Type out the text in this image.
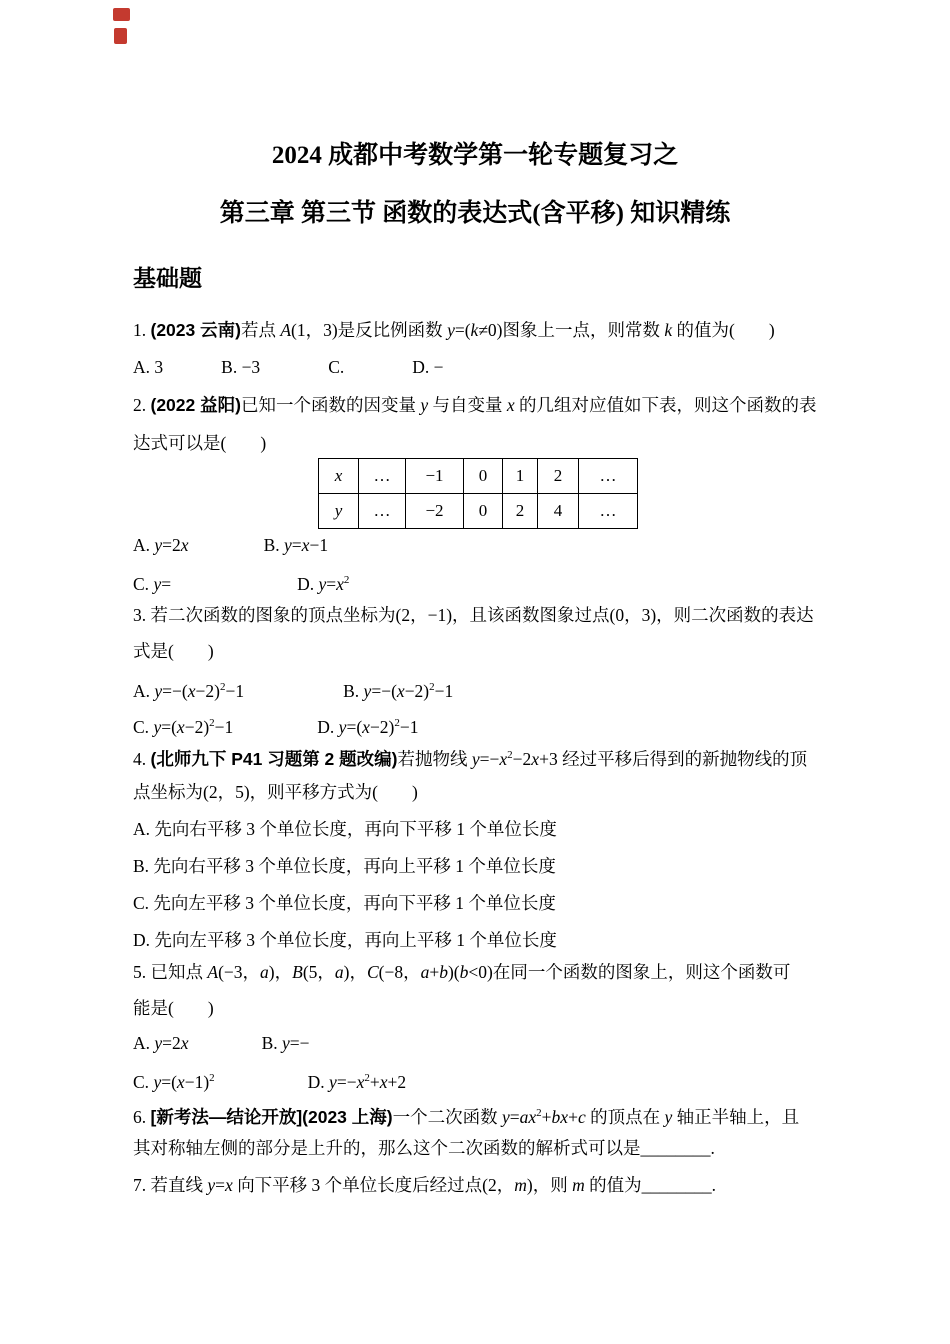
2024 成都中考数学第一轮专题复习之
第三章 第三节 函数的表达式(含平移) 知识精练
基础题
1. (2023 云南)若点 A(1，3)是反比例函数 y=(k≠0)图象上一点，则常数 k 的值为( )
A. 3	B. −3	C.	D. −
2. (2022 益阳)已知一个函数的因变量 y 与自变量 x 的几组对应值如下表，则这个函数的表
达式可以是( )
A. y=2x	B. y=x−1
C. y=	D. $y=x^2$
3. 若二次函数的图象的顶点坐标为(2，−1)，且该函数图象过点(0，3)，则二次函数的表达
式是( )
A. $y=-(x-2)^2-1$	B. $y=-(x-2)^2-1$
C. $y=(x-2)^2-1$	D. $y=(x-2)^2-1$
4. (北师九下 P41 习题第 2 题改编)若抛物线 $y=-x^2-2x+3$ 经过平移后得到的新抛物线的顶
点坐标为(2，5)，则平移方式为( )
A. 先向右平移 3 个单位长度，再向下平移 1 个单位长度
B. 先向右平移 3 个单位长度，再向上平移 1 个单位长度
C. 先向左平移 3 个单位长度，再向下平移 1 个单位长度
D. 先向左平移 3 个单位长度，再向上平移 1 个单位长度
5. 已知点 A(−3，a)，B(5，a)，C(−8，a+b)(b<0)在同一个函数的图象上，则这个函数可
能是( )
A. y=2x	B. y=−
C. $y=(x-1)^2$	D. $y=-x^2+x+2$
6. [新考法—结论开放](2023 上海)一个二次函数 $y=ax^2+bx+c$ 的顶点在 y 轴正半轴上，且
其对称轴左侧的部分是上升的，那么这个二次函数的解析式可以是________.
7. 若直线 y=x 向下平移 3 个单位长度后经过点(2，m)，则 m 的值为________.
x	…	−1	0	1	2	…
y	…	−2	0	2	4	…
